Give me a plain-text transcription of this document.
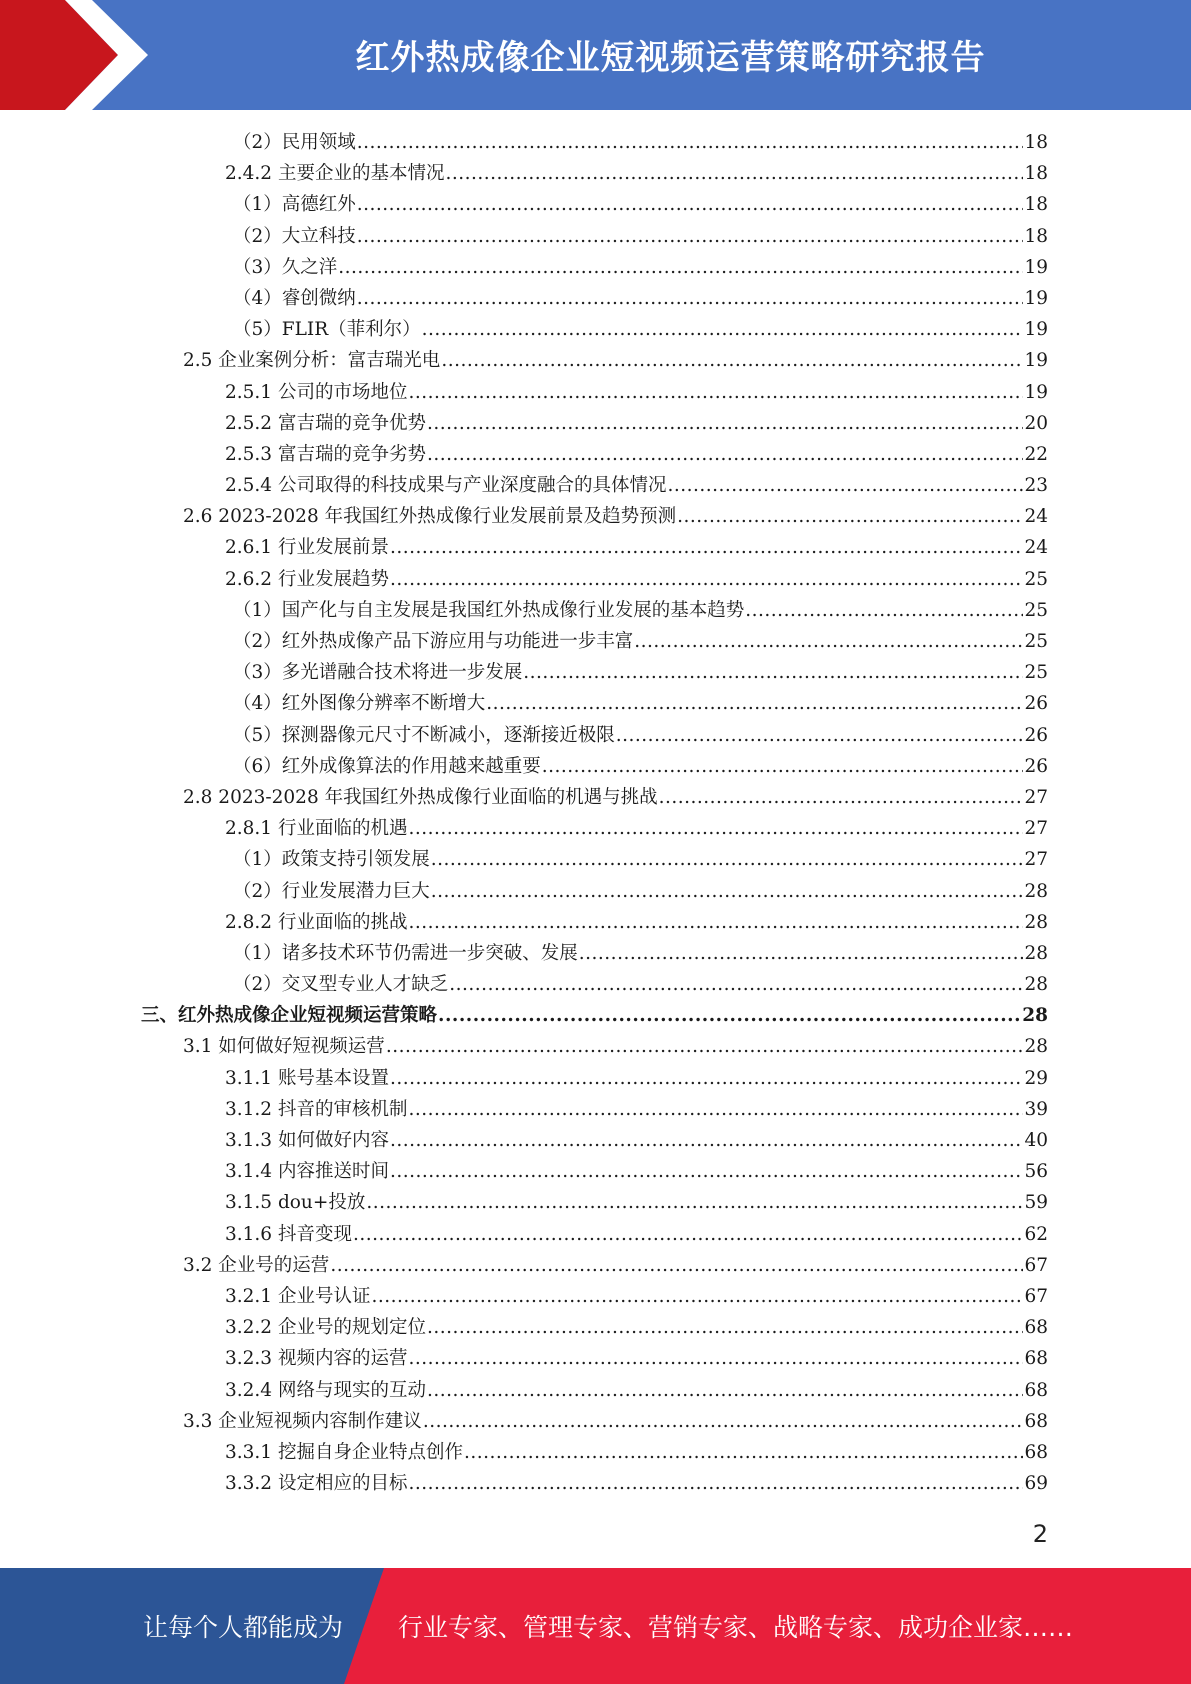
红外热成像企业短视频运营策略研究报告
（2）民用领域 .....	18
2.4.2 主要企业的基本情况 .....	18
（1）高德红外 .....	18
（2）大立科技 .....	18
（3）久之洋 .....	19
（4）睿创微纳 .....	19
（5）FLIR（菲利尔） .....	19
2.5 企业案例分析：富吉瑞光电 .....	19
2.5.1 公司的市场地位 .....	19
2.5.2 富吉瑞的竞争优势 .....	20
2.5.3 富吉瑞的竞争劣势 .....	22
2.5.4 公司取得的科技成果与产业深度融合的具体情况 .....	23
2.6 2023-2028 年我国红外热成像行业发展前景及趋势预测 .....	24
2.6.1 行业发展前景 .....	24
2.6.2 行业发展趋势 .....	25
（1）国产化与自主发展是我国红外热成像行业发展的基本趋势 .....	25
（2）红外热成像产品下游应用与功能进一步丰富 .....	25
（3）多光谱融合技术将进一步发展 .....	25
（4）红外图像分辨率不断增大 .....	26
（5）探测器像元尺寸不断减小，逐渐接近极限 .....	26
（6）红外成像算法的作用越来越重要 .....	26
2.8 2023-2028 年我国红外热成像行业面临的机遇与挑战 .....	27
2.8.1 行业面临的机遇 .....	27
（1）政策支持引领发展 .....	27
（2）行业发展潜力巨大 .....	28
2.8.2 行业面临的挑战 .....	28
（1）诸多技术环节仍需进一步突破、发展 .....	28
（2）交叉型专业人才缺乏 .....	28
三、红外热成像企业短视频运营策略 .....	28
3.1 如何做好短视频运营 .....	28
3.1.1 账号基本设置 .....	29
3.1.2 抖音的审核机制 .....	39
3.1.3 如何做好内容 .....	40
3.1.4 内容推送时间 .....	56
3.1.5 dou+投放 .....	59
3.1.6 抖音变现 .....	62
3.2 企业号的运营 .....	67
3.2.1 企业号认证 .....	67
3.2.2 企业号的规划定位 .....	68
3.2.3 视频内容的运营 .....	68
3.2.4 网络与现实的互动 .....	68
3.3 企业短视频内容制作建议 .....	68
3.3.1 挖掘自身企业特点创作 .....	68
3.3.2 设定相应的目标 .....	69
2
让每个人都能成为 行业专家、管理专家、营销专家、战略专家、成功企业家……
